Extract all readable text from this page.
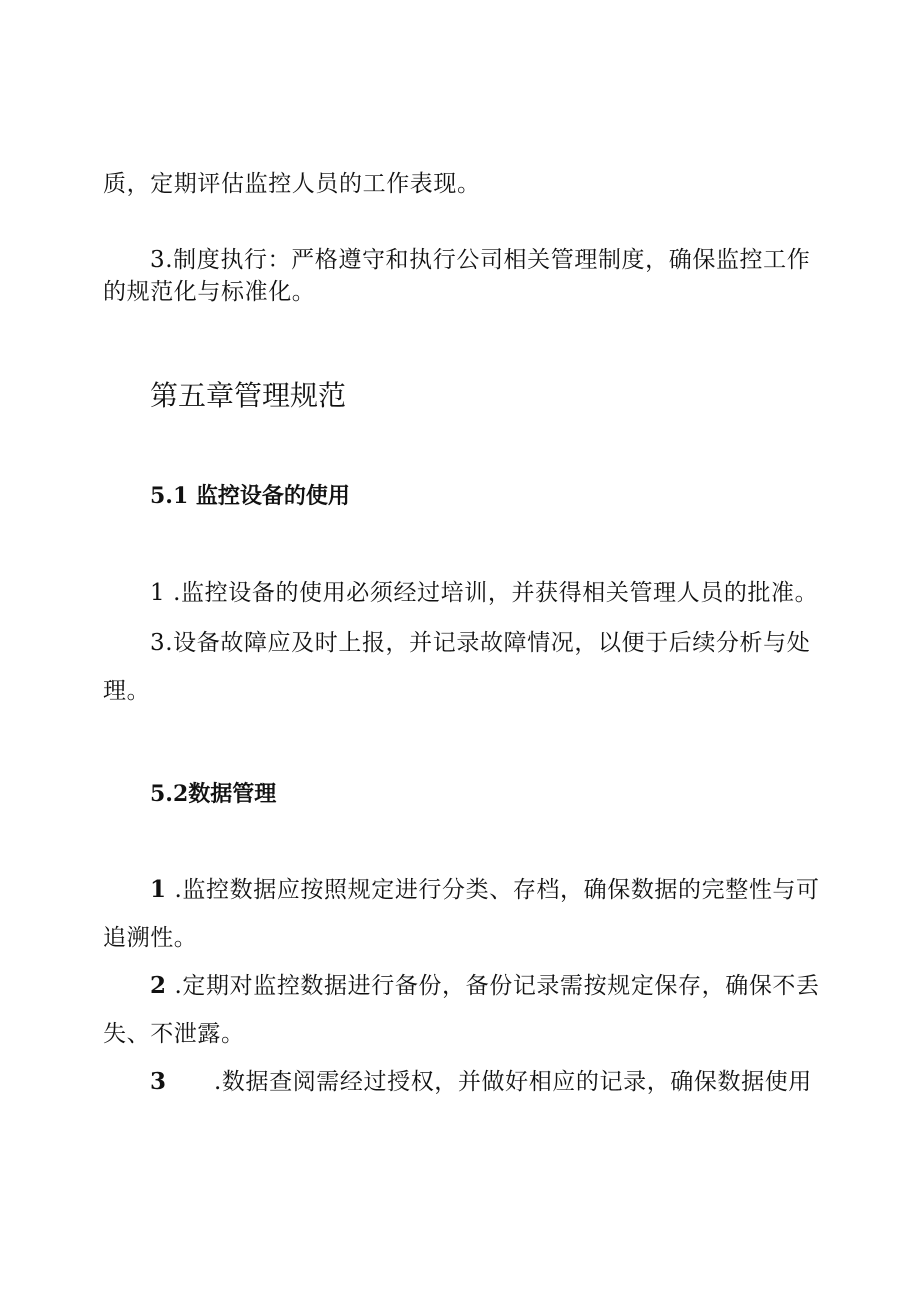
质，定期评估监控人员的工作表现。
3.制度执行：严格遵守和执行公司相关管理制度，确保监控工作
的规范化与标准化。
第五章管理规范
5.1 监控设备的使用
1 .监控设备的使用必须经过培训，并获得相关管理人员的批准。
3.设备故障应及时上报，并记录故障情况，以便于后续分析与处
理。
5.2数据管理
1 .监控数据应按照规定进行分类、存档，确保数据的完整性与可
追溯性。
2 .定期对监控数据进行备份，备份记录需按规定保存，确保不丢
失、不泄露。
3 .数据查阅需经过授权，并做好相应的记录，确保数据使用
